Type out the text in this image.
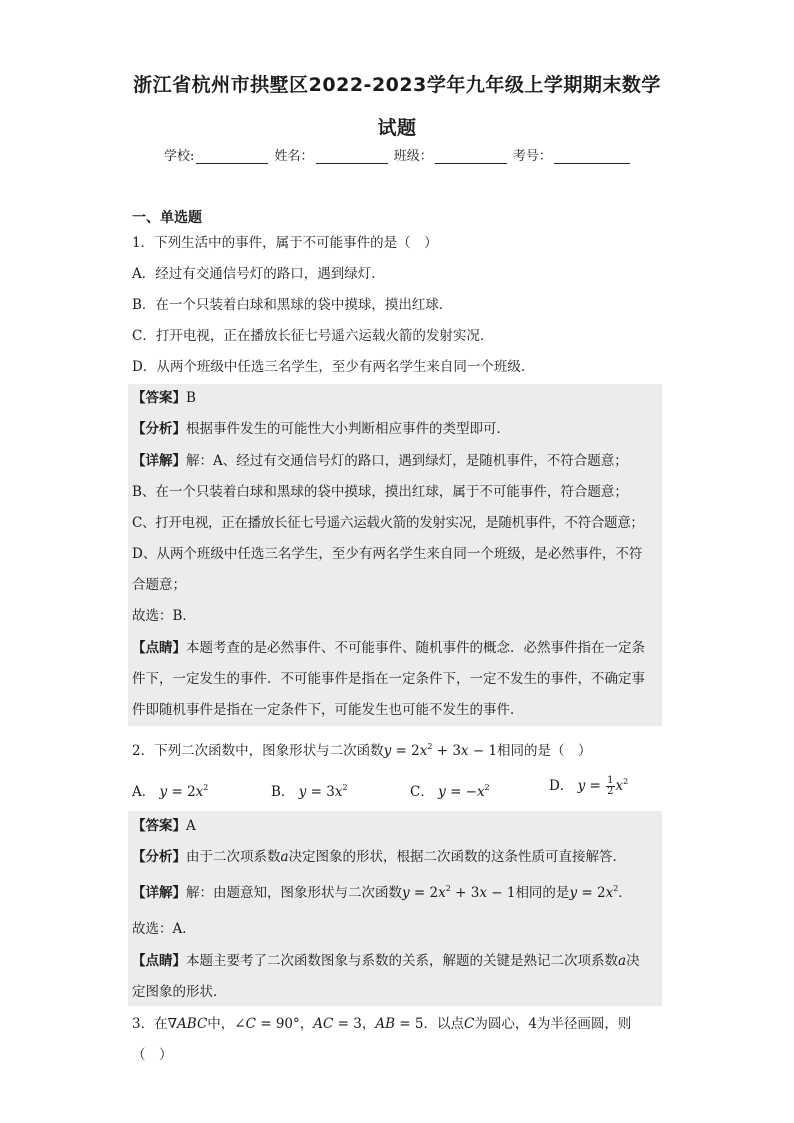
浙江省杭州市拱墅区2022-2023学年九年级上学期期末数学
试题
学校:	姓名：	班级：	考号：
一、单选题
1．下列生活中的事件，属于不可能事件的是（　）
A．经过有交通信号灯的路口，遇到绿灯．
B．在一个只装着白球和黑球的袋中摸球，摸出红球．
C．打开电视，正在播放长征七号遥六运载火箭的发射实况．
D．从两个班级中任选三名学生，至少有两名学生来自同一个班级．
【答案】B
【分析】根据事件发生的可能性大小判断相应事件的类型即可．
【详解】解：A、经过有交通信号灯的路口，遇到绿灯，是随机事件，不符合题意；
B、在一个只装着白球和黑球的袋中摸球，摸出红球，属于不可能事件，符合题意；
C、打开电视，正在播放长征七号遥六运载火箭的发射实况，是随机事件，不符合题意；
D、从两个班级中任选三名学生，至少有两名学生来自同一个班级，是必然事件，不符
合题意；
故选：B．
【点睛】本题考查的是必然事件、不可能事件、随机事件的概念．必然事件指在一定条
件下，一定发生的事件．不可能事件是指在一定条件下，一定不发生的事件，不确定事
件即随机事件是指在一定条件下，可能发生也可能不发生的事件．
2．下列二次函数中，图象形状与二次函数$y = 2x^2 + 3x - 1$相同的是（　）
A． $y = 2x^2$	B． $y = 3x^2$	C． $y = -x^2$	D． $y = \frac{1}{2} x^2$
【答案】A
【分析】由于二次项系数a决定图象的形状，根据二次函数的这条性质可直接解答．
【详解】解：由题意知，图象形状与二次函数$y = 2x^2 + 3x - 1$相同的是$y = 2x^2$．
故选：A．
【点睛】本题主要考了二次函数图象与系数的关系，解题的关键是熟记二次项系数a决
定图象的形状．
3．在∇ABC中，∠C = 90°，AC = 3，AB = 5．以点C为圆心，4为半径画圆，则
（　）
